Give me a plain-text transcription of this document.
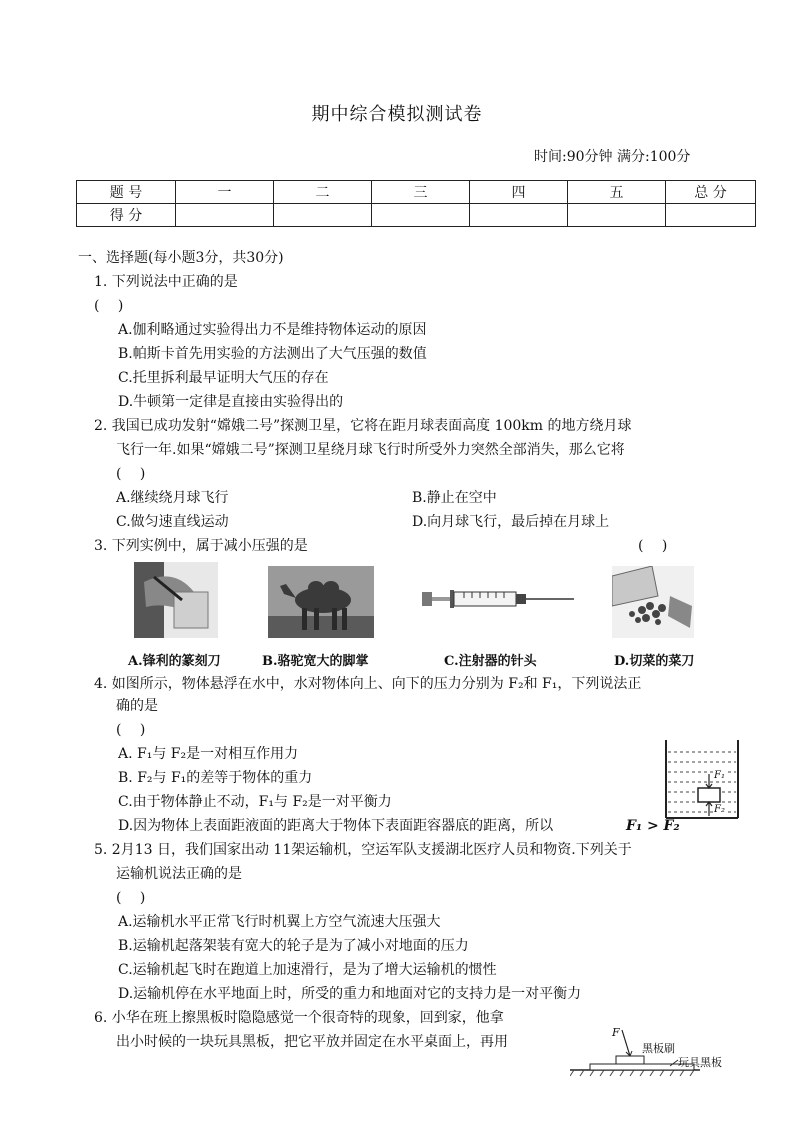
期中综合模拟测试卷
时间:90分钟 满分:100分
题 号	一	二	三	四	五	总 分
得 分						
一、选择题(每小题3分，共30分)
1. 下列说法中正确的是
(　 )
A.伽利略通过实验得出力不是维持物体运动的原因
B.帕斯卡首先用实验的方法测出了大气压强的数值
C.托里拆利最早证明大气压的存在
D.牛顿第一定律是直接由实验得出的
2. 我国已成功发射“嫦娥二号”探测卫星，它将在距月球表面高度 100km 的地方绕月球
飞行一年.如果“嫦娥二号”探测卫星绕月球飞行时所受外力突然全部消失，那么它将
(　 )
A.继续绕月球飞行	B.静止在空中
C.做匀速直线运动	D.向月球飞行，最后掉在月球上
3. 下列实例中，属于减小压强的是	(　 )
A.锋利的篆刻刀	B.骆驼宽大的脚掌	C.注射器的针头	D.切菜的菜刀
4. 如图所示，物体悬浮在水中，水对物体向上、向下的压力分别为 F₂和 F₁，下列说法正
确的是
(　 )
A. F₁与 F₂是一对相互作用力
B. F₂与 F₁的差等于物体的重力
C.由于物体静止不动，F₁与 F₂是一对平衡力
D.因为物体上表面距液面的距离大于物体下表面距容器底的距离，所以	F₁ > F₂
F₁
F₂
5. 2月13 日，我们国家出动 11架运输机，空运军队支援湖北医疗人员和物资.下列关于
运输机说法正确的是
(　 )
A.运输机水平正常飞行时机翼上方空气流速大压强大
B.运输机起落架装有宽大的轮子是为了减小对地面的压力
C.运输机起飞时在跑道上加速滑行，是为了增大运输机的惯性
D.运输机停在水平地面上时，所受的重力和地面对它的支持力是一对平衡力
6. 小华在班上擦黑板时隐隐感觉一个很奇特的现象，回到家，他拿
出小时候的一块玩具黑板，把它平放并固定在水平桌面上，再用
F
黑板刷
玩具黑板
